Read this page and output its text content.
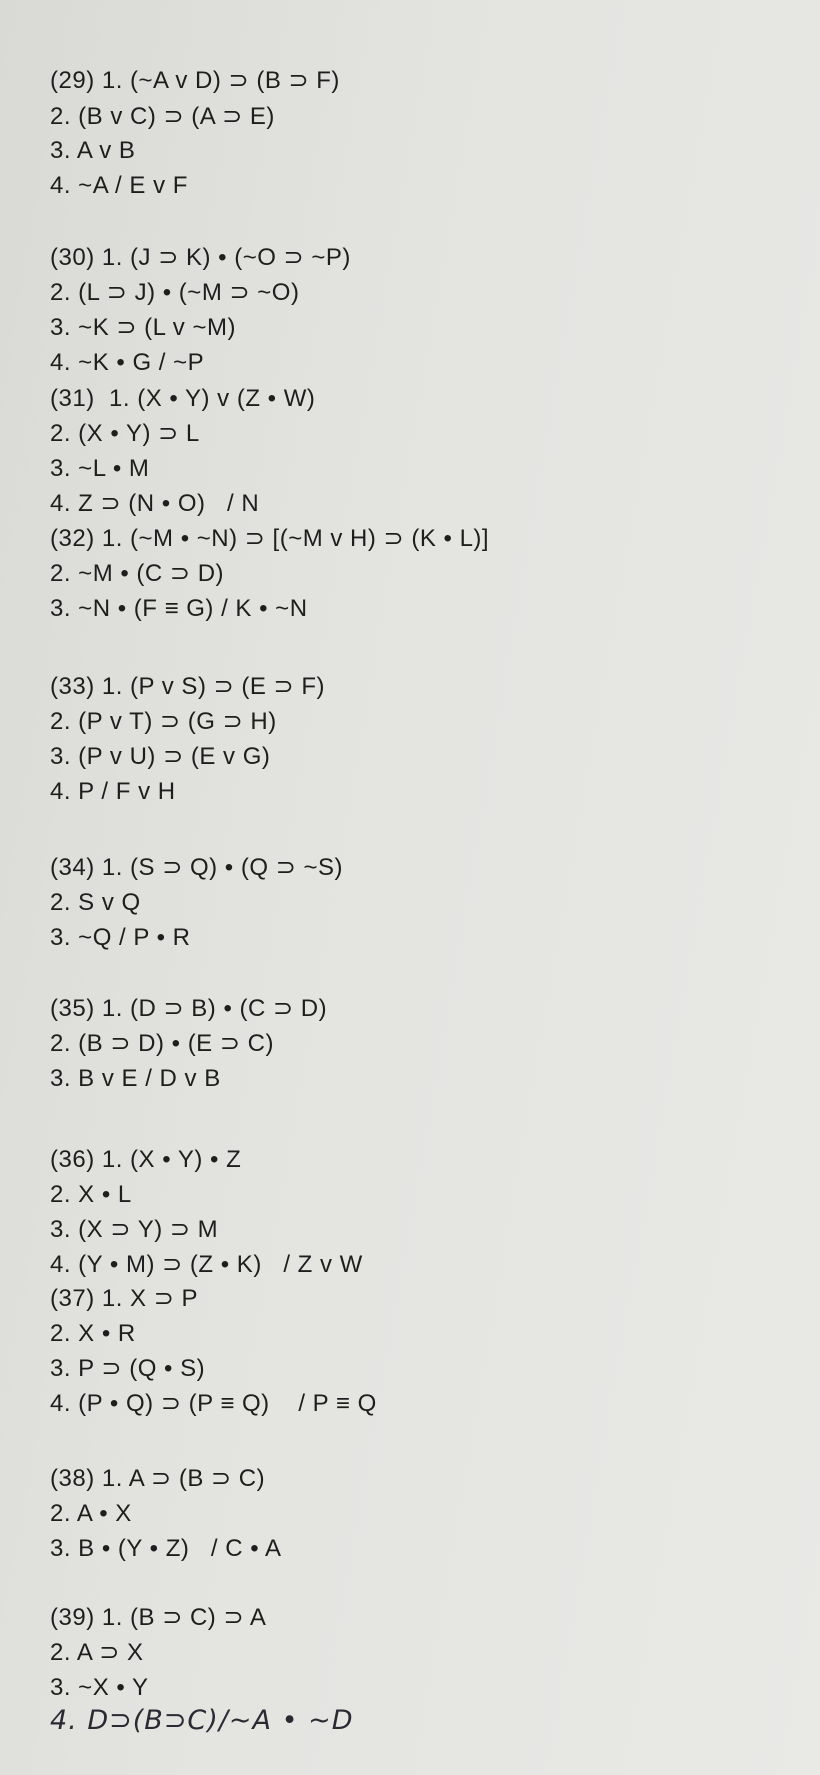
(29) 1. (~A v D) ⊃ (B ⊃ F)
2. (B v C) ⊃ (A ⊃ E)
3. A v B
4. ~A / E v F
(30) 1. (J ⊃ K) • (~O ⊃ ~P)
2. (L ⊃ J) • (~M ⊃ ~O)
3. ~K ⊃ (L v ~M)
4. ~K • G / ~P
(31)  1. (X • Y) v (Z • W)
2. (X • Y) ⊃ L
3. ~L • M
4. Z ⊃ (N • O)   / N
(32) 1. (~M • ~N) ⊃ [(~M v H) ⊃ (K • L)]
2. ~M • (C ⊃ D)
3. ~N • (F ≡ G) / K • ~N
(33) 1. (P v S) ⊃ (E ⊃ F)
2. (P v T) ⊃ (G ⊃ H)
3. (P v U) ⊃ (E v G)
4. P / F v H
(34) 1. (S ⊃ Q) • (Q ⊃ ~S)
2. S v Q
3. ~Q / P • R
(35) 1. (D ⊃ B) • (C ⊃ D)
2. (B ⊃ D) • (E ⊃ C)
3. B v E / D v B
(36) 1. (X • Y) • Z
2. X • L
3. (X ⊃ Y) ⊃ M
4. (Y • M) ⊃ (Z • K)   / Z v W
(37) 1. X ⊃ P
2. X • R
3. P ⊃ (Q • S)
4. (P • Q) ⊃ (P ≡ Q)    / P ≡ Q
(38) 1. A ⊃ (B ⊃ C)
2. A • X
3. B • (Y • Z)   / C • A
(39) 1. (B ⊃ C) ⊃ A
2. A ⊃ X
3. ~X • Y
4. D⊃(B⊃C)/~A • ~D
